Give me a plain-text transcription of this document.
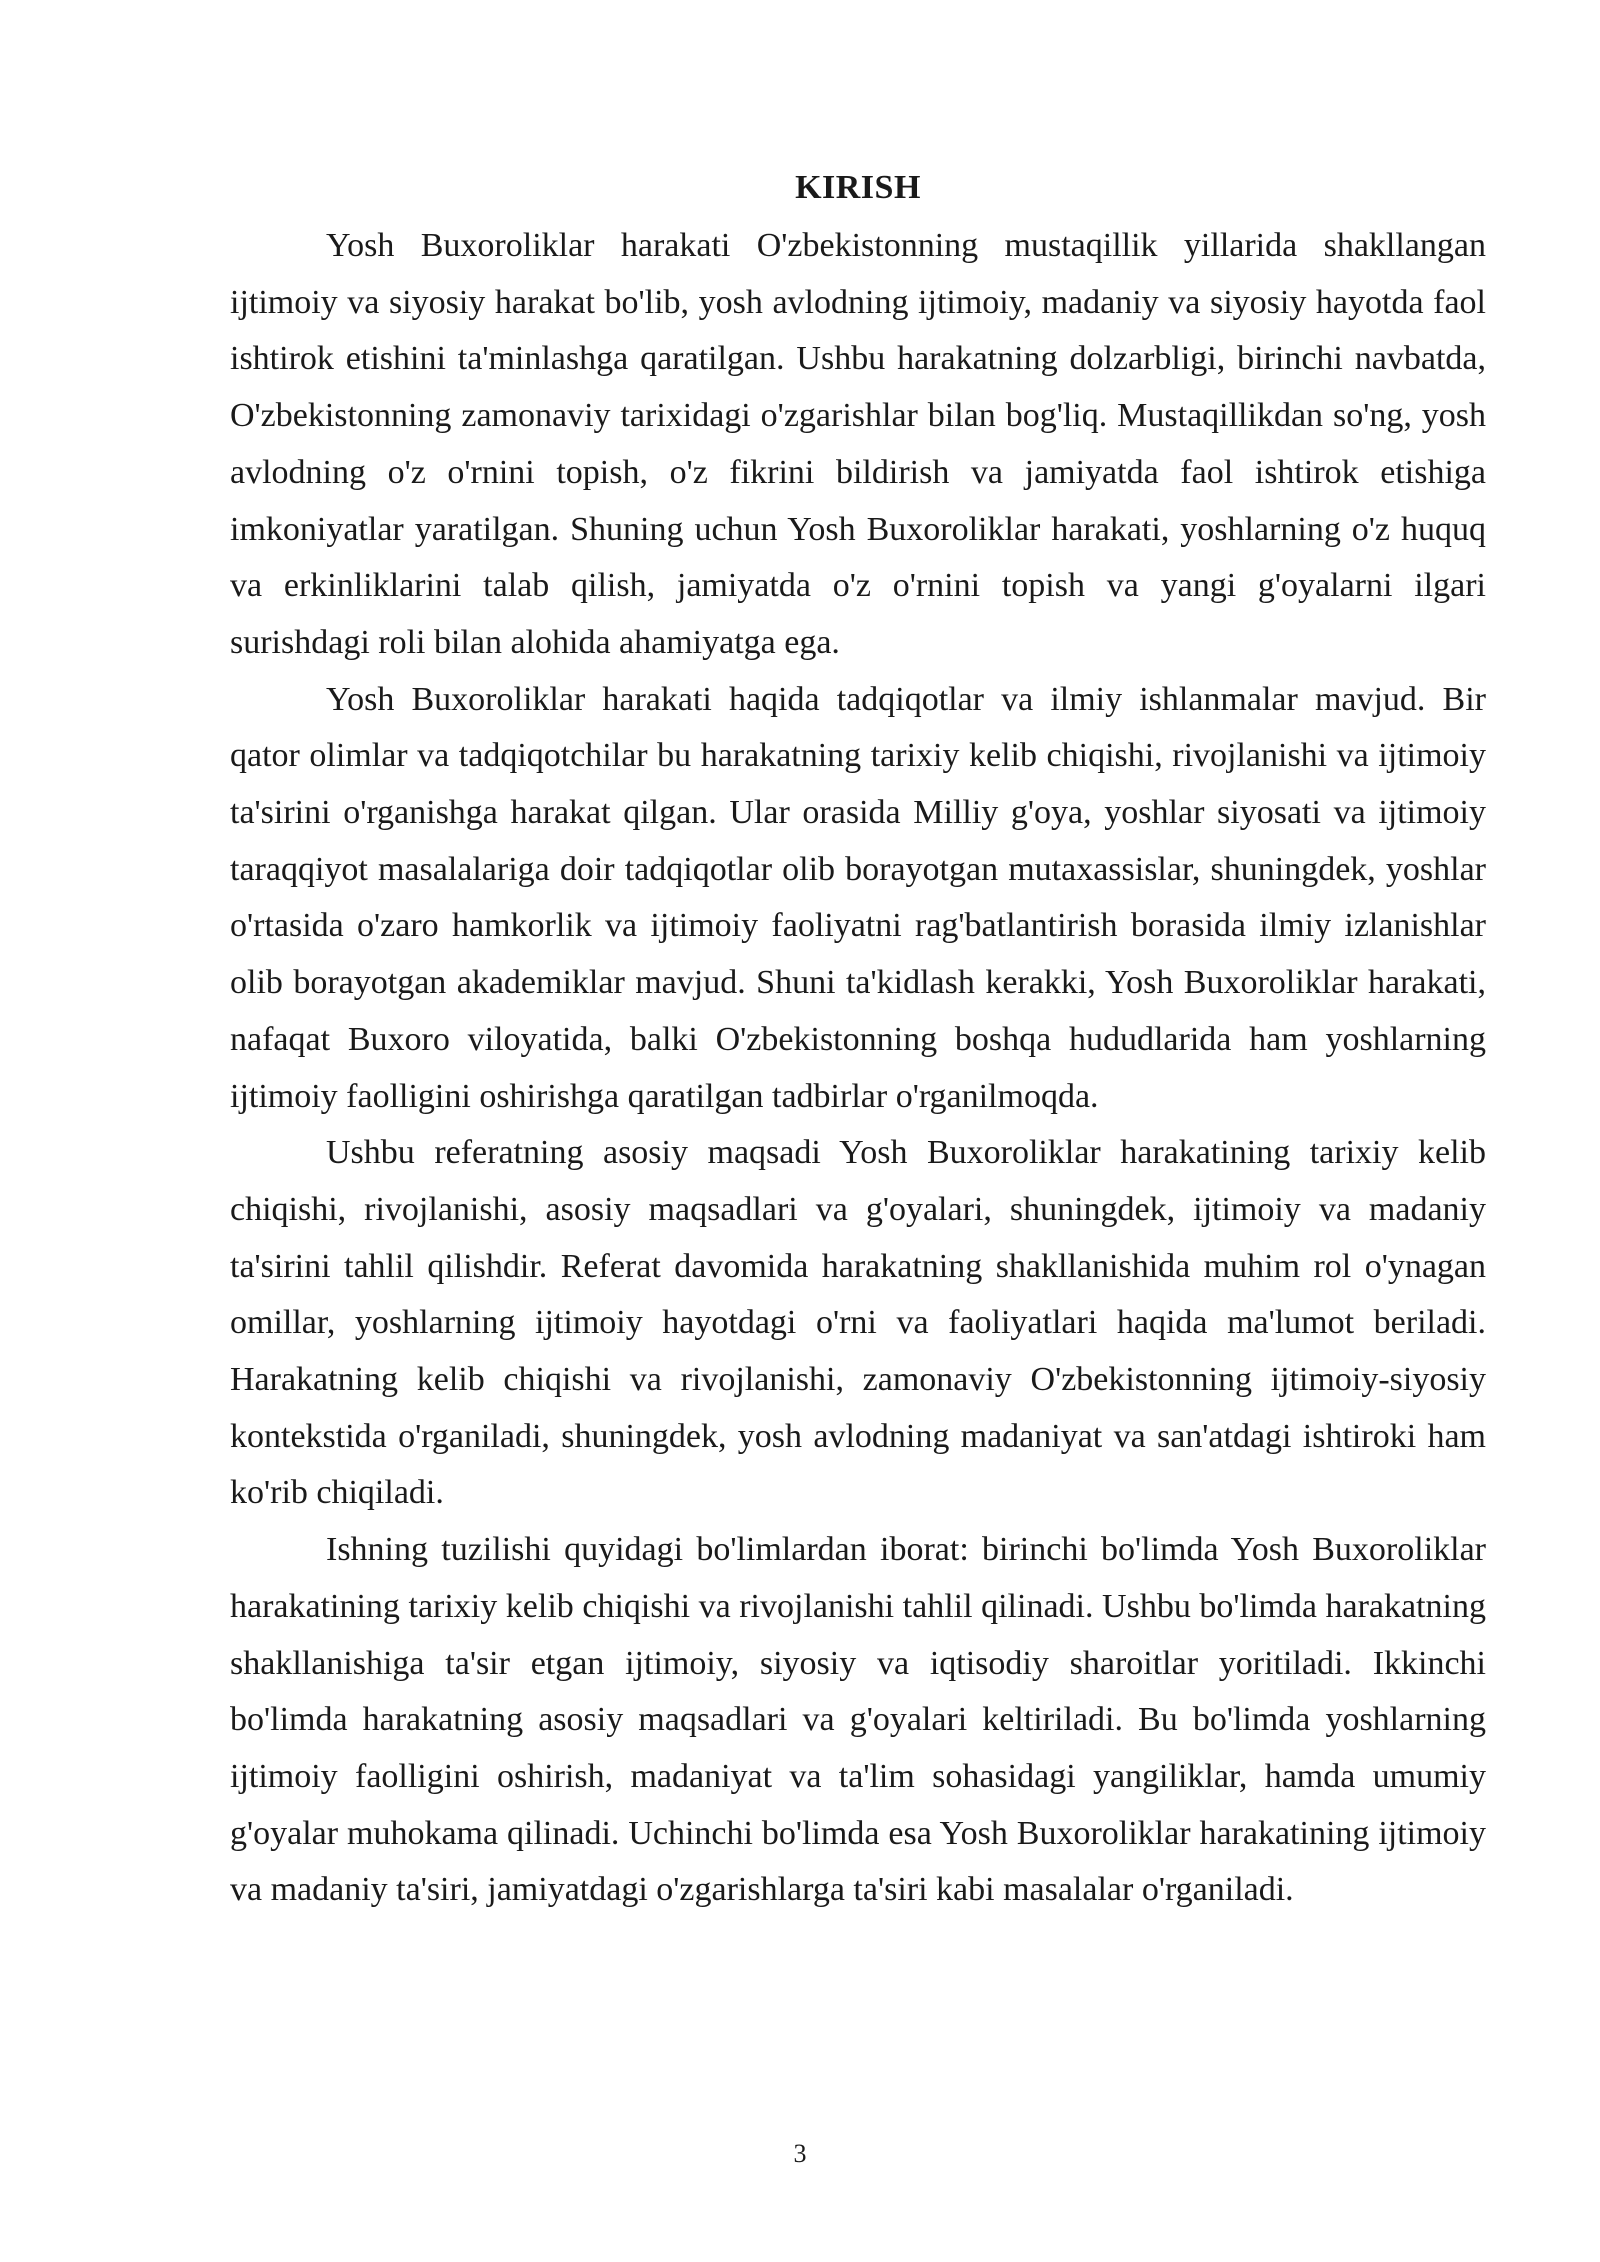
KIRISH

Yosh Buxoroliklar harakati O'zbekistonning mustaqillik yillarida shakllangan ijtimoiy va siyosiy harakat bo'lib, yosh avlodning ijtimoiy, madaniy va siyosiy hayotda faol ishtirok etishini ta'minlashga qaratilgan. Ushbu harakatning dolzarbligi, birinchi navbatda, O'zbekistonning zamonaviy tarixidagi o'zgarishlar bilan bog'liq. Mustaqillikdan so'ng, yosh avlodning o'z o'rnini topish, o'z fikrini bildirish va jamiyatda faol ishtirok etishiga imkoniyatlar yaratilgan. Shuning uchun Yosh Buxoroliklar harakati, yoshlarning o'z huquq va erkinliklarini talab qilish, jamiyatda o'z o'rnini topish va yangi g'oyalarni ilgari surishdagi roli bilan alohida ahamiyatga ega.

Yosh Buxoroliklar harakati haqida tadqiqotlar va ilmiy ishlanmalar mavjud. Bir qator olimlar va tadqiqotchilar bu harakatning tarixiy kelib chiqishi, rivojlanishi va ijtimoiy ta'sirini o'rganishga harakat qilgan. Ular orasida Milliy g'oya, yoshlar siyosati va ijtimoiy taraqqiyot masalalariga doir tadqiqotlar olib borayotgan mutaxassislar, shuningdek, yoshlar o'rtasida o'zaro hamkorlik va ijtimoiy faoliyatni rag'batlantirish borasida ilmiy izlanishlar olib borayotgan akademiklar mavjud. Shuni ta'kidlash kerakki, Yosh Buxoroliklar harakati, nafaqat Buxoro viloyatida, balki O'zbekistonning boshqa hududlarida ham yoshlarning ijtimoiy faolligini oshirishga qaratilgan tadbirlar o'rganilmoqda.

Ushbu referatning asosiy maqsadi Yosh Buxoroliklar harakatining tarixiy kelib chiqishi, rivojlanishi, asosiy maqsadlari va g'oyalari, shuningdek, ijtimoiy va madaniy ta'sirini tahlil qilishdir. Referat davomida harakatning shakllanishida muhim rol o'ynagan omillar, yoshlarning ijtimoiy hayotdagi o'rni va faoliyatlari haqida ma'lumot beriladi. Harakatning kelib chiqishi va rivojlanishi, zamonaviy O'zbekistonning ijtimoiy-siyosiy kontekstida o'rganiladi, shuningdek, yosh avlodning madaniyat va san'atdagi ishtiroki ham ko'rib chiqiladi.

Ishning tuzilishi quyidagi bo'limlardan iborat: birinchi bo'limda Yosh Buxoroliklar harakatining tarixiy kelib chiqishi va rivojlanishi tahlil qilinadi. Ushbu bo'limda harakatning shakllanishiga ta'sir etgan ijtimoiy, siyosiy va iqtisodiy sharoitlar yoritiladi. Ikkinchi bo'limda harakatning asosiy maqsadlari va g'oyalari keltiriladi. Bu bo'limda yoshlarning ijtimoiy faolligini oshirish, madaniyat va ta'lim sohasidagi yangiliklar, hamda umumiy g'oyalar muhokama qilinadi. Uchinchi bo'limda esa Yosh Buxoroliklar harakatining ijtimoiy va madaniy ta'siri, jamiyatdagi o'zgarishlarga ta'siri kabi masalalar o'rganiladi.

3
